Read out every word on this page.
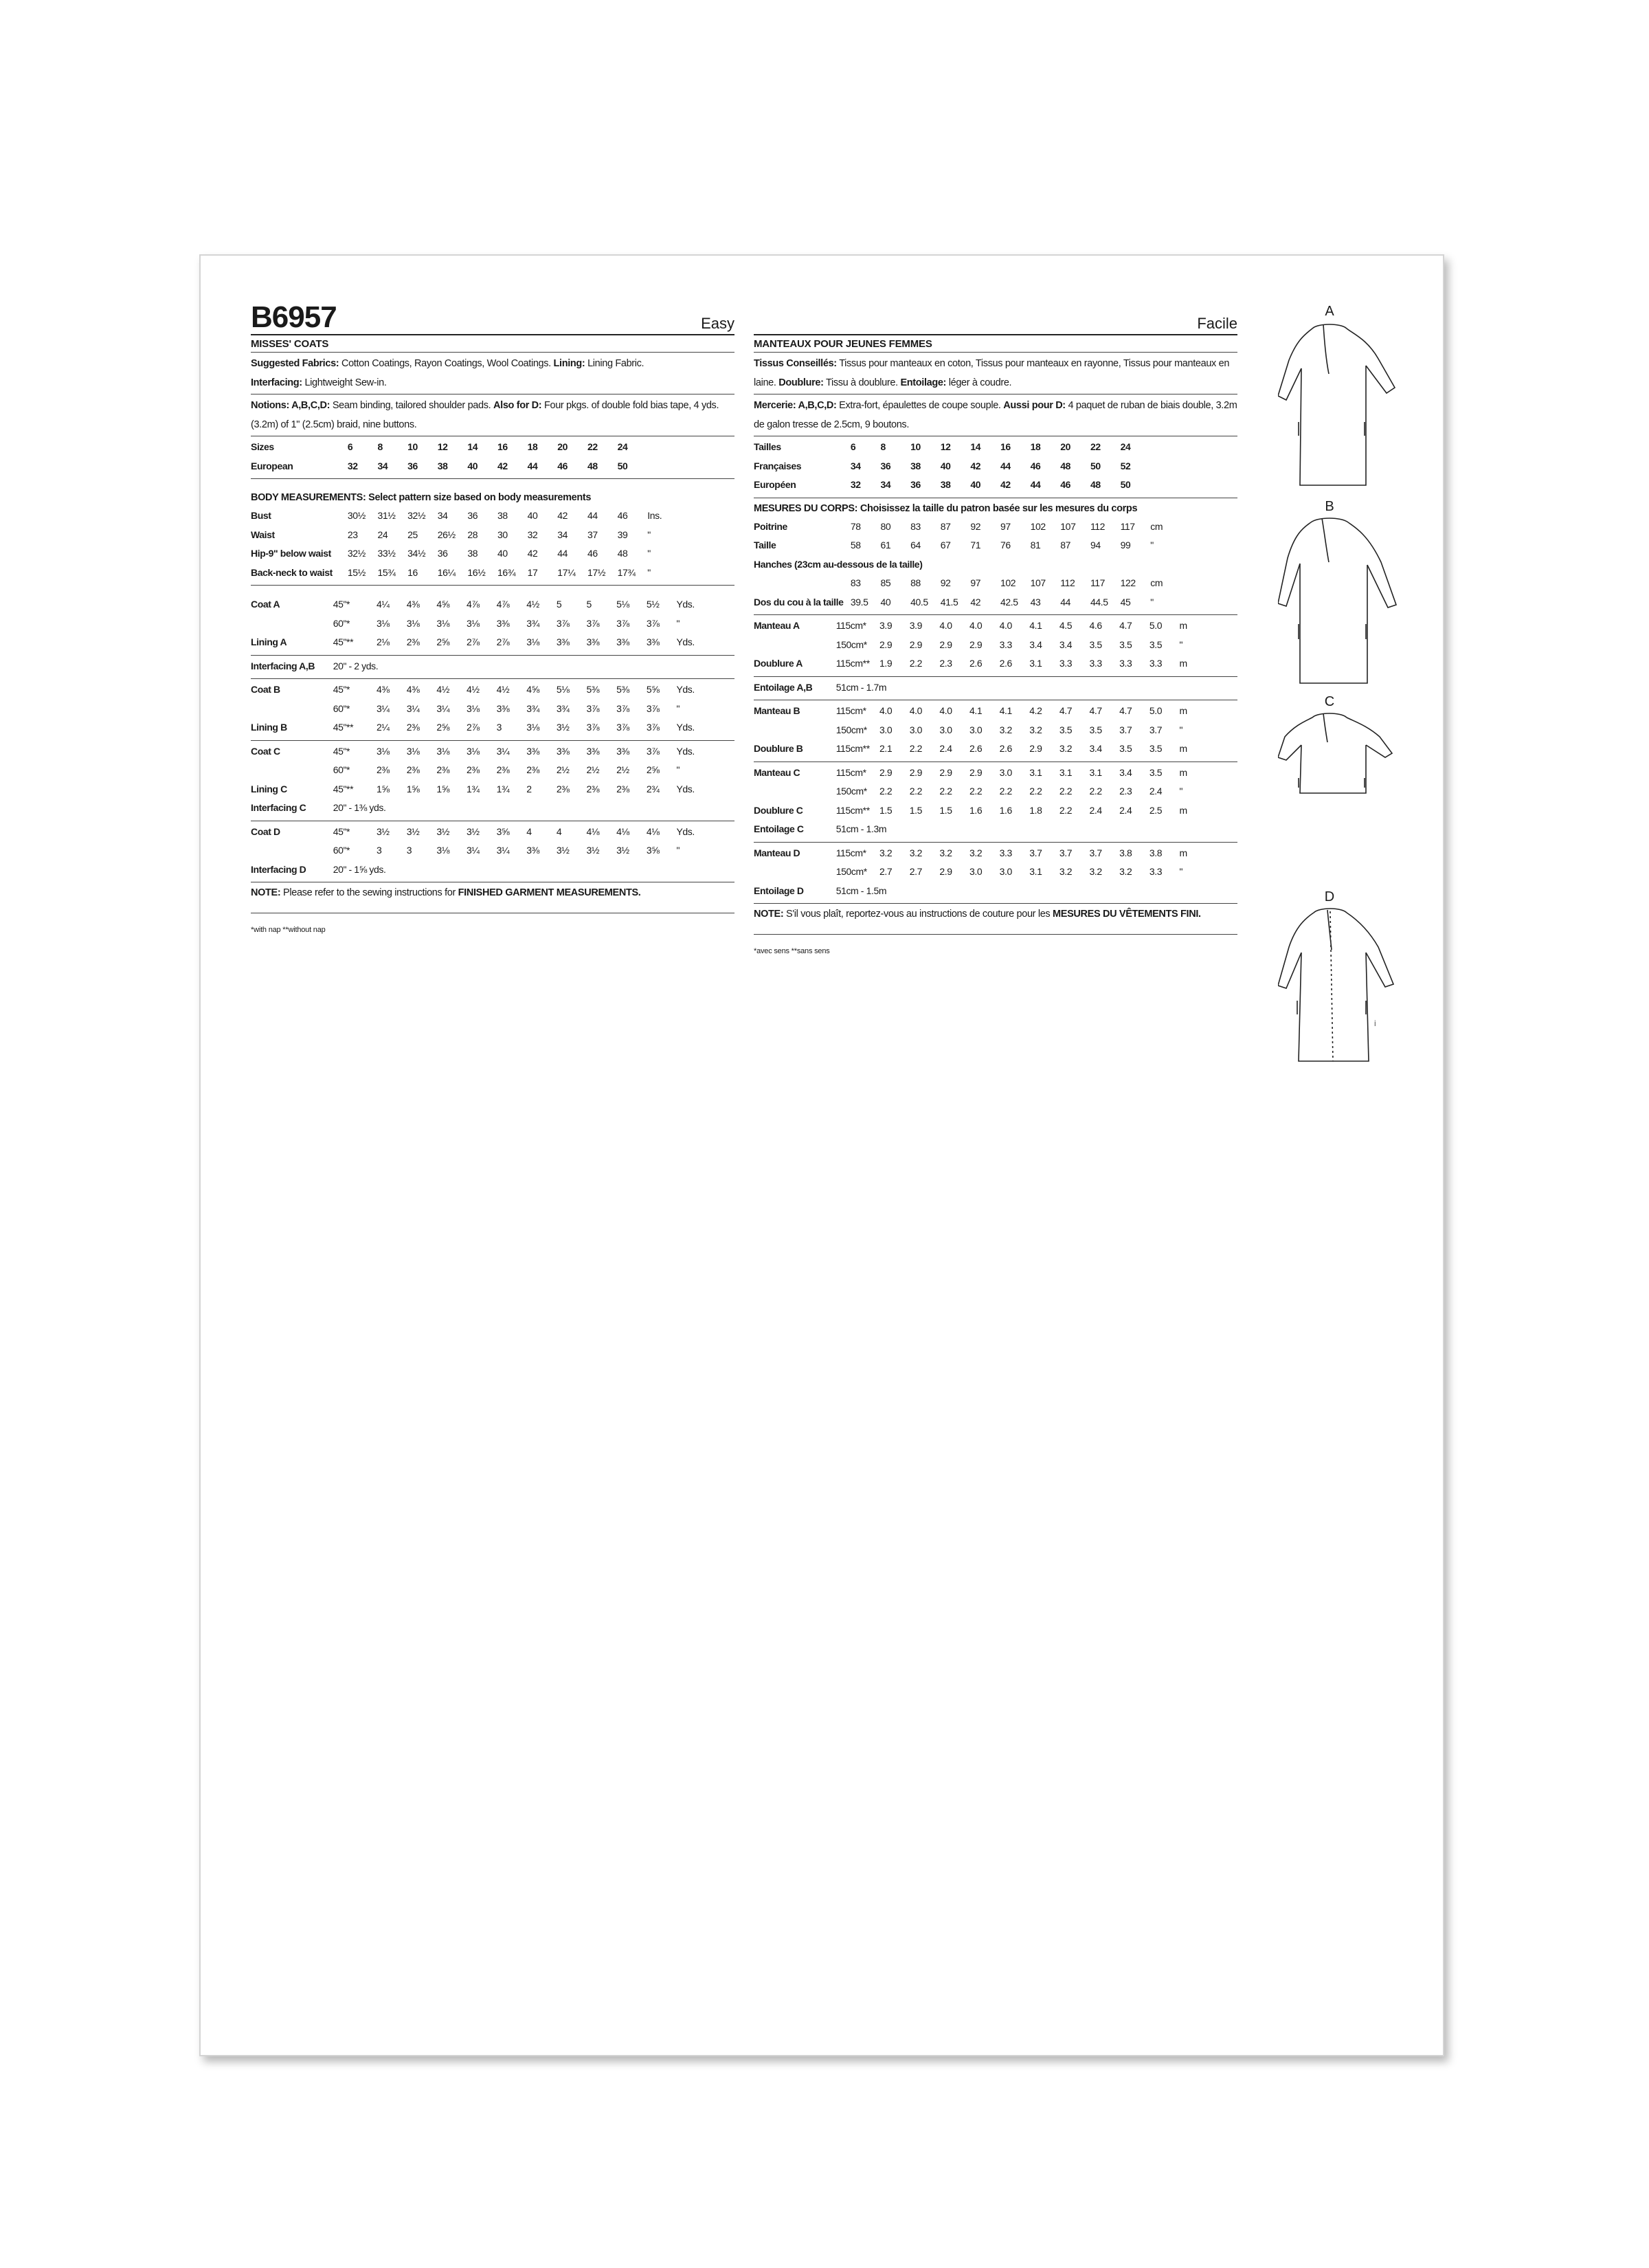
B6957	Easy
MISSES' COATS
Suggested Fabrics: Cotton Coatings, Rayon Coatings, Wool Coatings. Lining: Lining Fabric.
Interfacing: Lightweight Sew-in.
Notions: A,B,C,D: Seam binding, tailored shoulder pads. Also for D: Four pkgs. of double fold bias tape, 4 yds. (3.2m) of 1" (2.5cm) braid, nine buttons.
Sizes	6	8	10	12	14	16	18	20	22	24	
European	32	34	36	38	40	42	44	46	48	50	
BODY MEASUREMENTS: Select pattern size based on body measurements
Bust	30½	31½	32½	34	36	38	40	42	44	46	Ins.	
Waist	23	24	25	26½	28	30	32	34	37	39	"	
Hip-9" below waist	32½	33½	34½	36	38	40	42	44	46	48	"	
Back-neck to waist	15½	15¾	16	16¼	16½	16¾	17	17¼	17½	17¾	"	
Coat A	45"*	4¼	4⅜	4⅝	4⅞	4⅞	4½	5	5	5⅛	5½	Yds.	
	60"*	3⅛	3⅛	3⅛	3⅛	3⅜	3¾	3⅞	3⅞	3⅞	3⅞	"	
Lining A	45"**	2⅛	2⅜	2⅝	2⅞	2⅞	3⅛	3⅜	3⅜	3⅜	3⅜	Yds.	
Interfacing A,B	20" - 2 yds.
Coat B	45"*	4⅜	4⅜	4½	4½	4½	4⅝	5⅛	5⅜	5⅜	5⅝	Yds.	
	60"*	3¼	3¼	3¼	3⅛	3⅜	3¾	3¾	3⅞	3⅞	3⅞	"	
Lining B	45"**	2¼	2⅜	2⅝	2⅞	3	3⅛	3½	3⅞	3⅞	3⅞	Yds.	
Coat C	45"*	3⅛	3⅛	3⅛	3⅛	3¼	3⅜	3⅜	3⅜	3⅜	3⅞	Yds.	
	60"*	2⅜	2⅜	2⅜	2⅜	2⅜	2⅜	2½	2½	2½	2⅝	"	
Lining C	45"**	1⅝	1⅝	1⅝	1¾	1¾	2	2⅜	2⅜	2⅜	2¾	Yds.	
Interfacing C	20" - 1⅜ yds.												
Coat D	45"*	3½	3½	3½	3½	3⅝	4	4	4⅛	4⅛	4⅛	Yds.	
	60"*	3	3	3⅛	3¼	3¼	3⅜	3½	3½	3½	3⅝	"	
Interfacing D	20" - 1⅝ yds.												
NOTE: Please refer to the sewing instructions for FINISHED GARMENT MEASUREMENTS.
*with nap **without nap
Facile
MANTEAUX POUR JEUNES FEMMES
Tissus Conseillés: Tissus pour manteaux en coton, Tissus pour manteaux en rayonne, Tissus pour manteaux en laine. Doublure: Tissu à doublure. Entoilage: léger à coudre.
Mercerie: A,B,C,D: Extra-fort, épaulettes de coupe souple. Aussi pour D: 4 paquet de ruban de biais double, 3.2m de galon tresse de 2.5cm, 9 boutons.
Tailles	6	8	10	12	14	16	18	20	22	24	
Françaises	34	36	38	40	42	44	46	48	50	52	
Européen	32	34	36	38	40	42	44	46	48	50	
MESURES DU CORPS: Choisissez la taille du patron basée sur les mesures du corps
Poitrine	78	80	83	87	92	97	102	107	112	117	cm	
Taille	58	61	64	67	71	76	81	87	94	99	"	
Hanches (23cm au-dessous de la taille)												
	83	85	88	92	97	102	107	112	117	122	cm	
Dos du cou à la taille	39.5	40	40.5	41.5	42	42.5	43	44	44.5	45	"	
Manteau A	115cm*	3.9	3.9	4.0	4.0	4.0	4.1	4.5	4.6	4.7	5.0	m	
	150cm*	2.9	2.9	2.9	2.9	3.3	3.4	3.4	3.5	3.5	3.5	"	
Doublure A	115cm**	1.9	2.2	2.3	2.6	2.6	3.1	3.3	3.3	3.3	3.3	m	
Entoilage A,B	51cm - 1.7m
Manteau B	115cm*	4.0	4.0	4.0	4.1	4.1	4.2	4.7	4.7	4.7	5.0	m	
	150cm*	3.0	3.0	3.0	3.0	3.2	3.2	3.5	3.5	3.7	3.7	"	
Doublure B	115cm**	2.1	2.2	2.4	2.6	2.6	2.9	3.2	3.4	3.5	3.5	m	
Manteau C	115cm*	2.9	2.9	2.9	2.9	3.0	3.1	3.1	3.1	3.4	3.5	m	
	150cm*	2.2	2.2	2.2	2.2	2.2	2.2	2.2	2.2	2.3	2.4	"	
Doublure C	115cm**	1.5	1.5	1.5	1.6	1.6	1.8	2.2	2.4	2.4	2.5	m	
Entoilage C	51cm - 1.3m												
Manteau D	115cm*	3.2	3.2	3.2	3.2	3.3	3.7	3.7	3.7	3.8	3.8	m	
	150cm*	2.7	2.7	2.9	3.0	3.0	3.1	3.2	3.2	3.2	3.3	"	
Entoilage D	51cm - 1.5m												
NOTE: S'il vous plaît, reportez-vous au instructions de couture pour les MESURES DU VÊTEMENTS FINI.
*avec sens **sans sens
A
B
C
D
i
